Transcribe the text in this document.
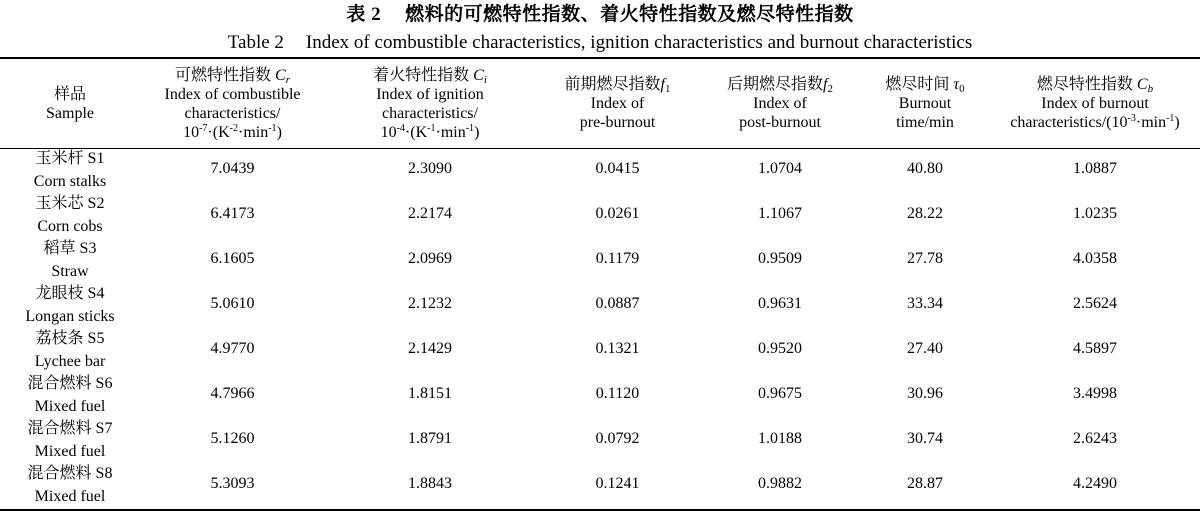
表 2 燃料的可燃特性指数、着火特性指数及燃尽特性指数
Table 2 Index of combustible characteristics, ignition characteristics and burnout characteristics
样品
Sample	可燃特性指数 $C_r$
Index of combustible
characteristics/
$10^{-7}\cdot(K^{-2}\cdot\min^{-1})$	着火特性指数 $C_i$
Index of ignition
characteristics/
$10^{-4}\cdot(K^{-1}\cdot\min^{-1})$	前期燃尽指数$f_1$
Index of
pre-burnout	后期燃尽指数$f_2$
Index of
post-burnout	燃尽时间 $\tau_0$
Burnout
time/min	燃尽特性指数 $C_b$
Index of burnout
characteristics/$(10^{-3}\cdot\min^{-1})$

玉米杆 S1
Corn stalks	7.0439	2.3090	0.0415	1.0704	40.80	1.0887

玉米芯 S2
Corn cobs	6.4173	2.2174	0.0261	1.1067	28.22	1.0235

稻草 S3
Straw	6.1605	2.0969	0.1179	0.9509	27.78	4.0358

龙眼枝 S4
Longan sticks	5.0610	2.1232	0.0887	0.9631	33.34	2.5624

荔枝条 S5
Lychee bar	4.9770	2.1429	0.1321	0.9520	27.40	4.5897

混合燃料 S6
Mixed fuel	4.7966	1.8151	0.1120	0.9675	30.96	3.4998

混合燃料 S7
Mixed fuel	5.1260	1.8791	0.0792	1.0188	30.74	2.6243

混合燃料 S8
Mixed fuel	5.3093	1.8843	0.1241	0.9882	28.87	4.2490
